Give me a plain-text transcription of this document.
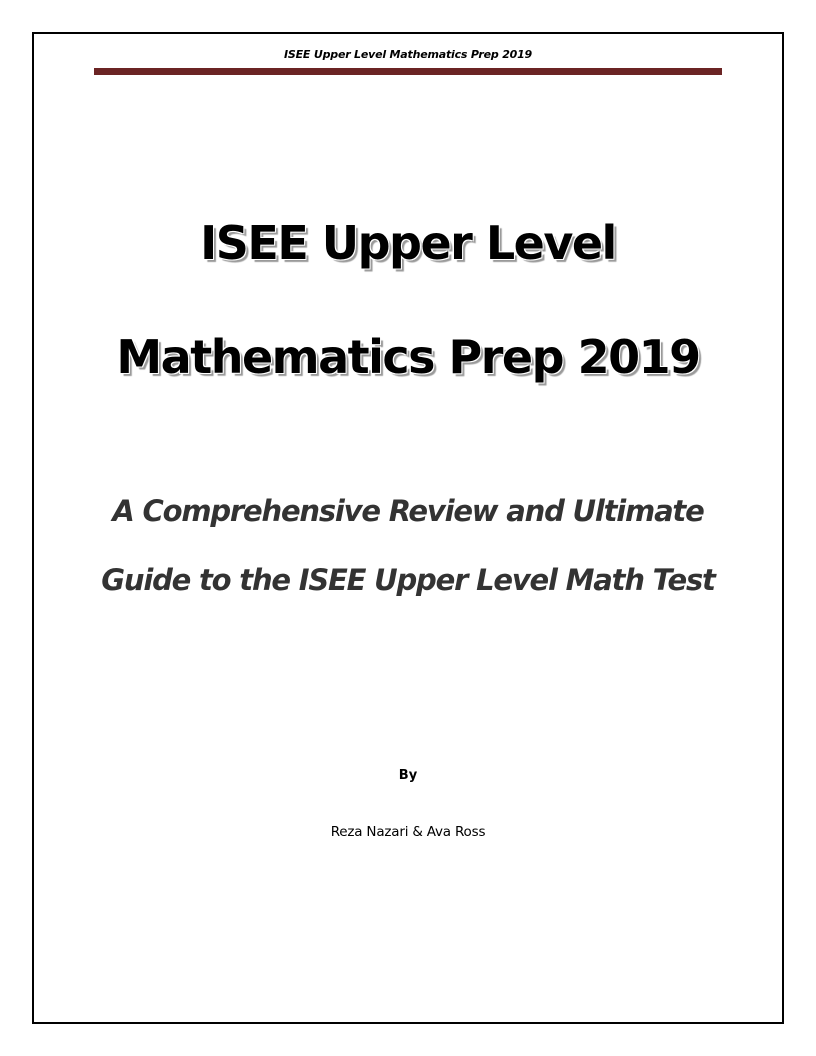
ISEE Upper Level Mathematics Prep 2019
ISEE Upper Level
Mathematics Prep 2019
A Comprehensive Review and Ultimate
Guide to the ISEE Upper Level Math Test
By
Reza Nazari & Ava Ross
